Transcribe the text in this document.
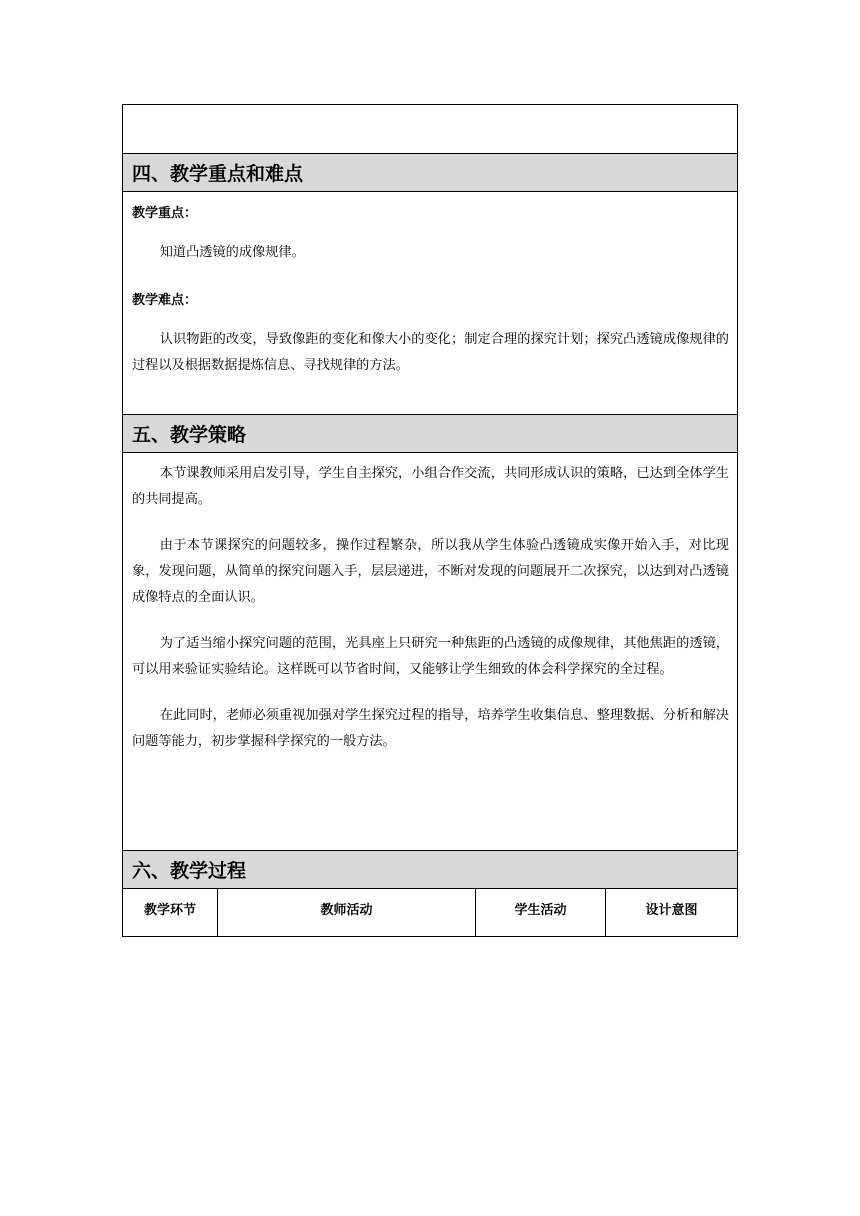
四、教学重点和难点

教学重点：

知道凸透镜的成像规律。

教学难点：

认识物距的改变，导致像距的变化和像大小的变化；制定合理的探究计划；探究凸透镜成像规律的过程以及根据数据提炼信息、寻找规律的方法。

五、教学策略

本节课教师采用启发引导，学生自主探究，小组合作交流，共同形成认识的策略，已达到全体学生的共同提高。

由于本节课探究的问题较多，操作过程繁杂，所以我从学生体验凸透镜成实像开始入手，对比现象，发现问题，从简单的探究问题入手，层层递进，不断对发现的问题展开二次探究，以达到对凸透镜成像特点的全面认识。

为了适当缩小探究问题的范围，光具座上只研究一种焦距的凸透镜的成像规律，其他焦距的透镜，可以用来验证实验结论。这样既可以节省时间，又能够让学生细致的体会科学探究的全过程。

在此同时，老师必须重视加强对学生探究过程的指导，培养学生收集信息、整理数据、分析和解决问题等能力，初步掌握科学探究的一般方法。

六、教学过程
教学环节	教师活动	学生活动	设计意图
